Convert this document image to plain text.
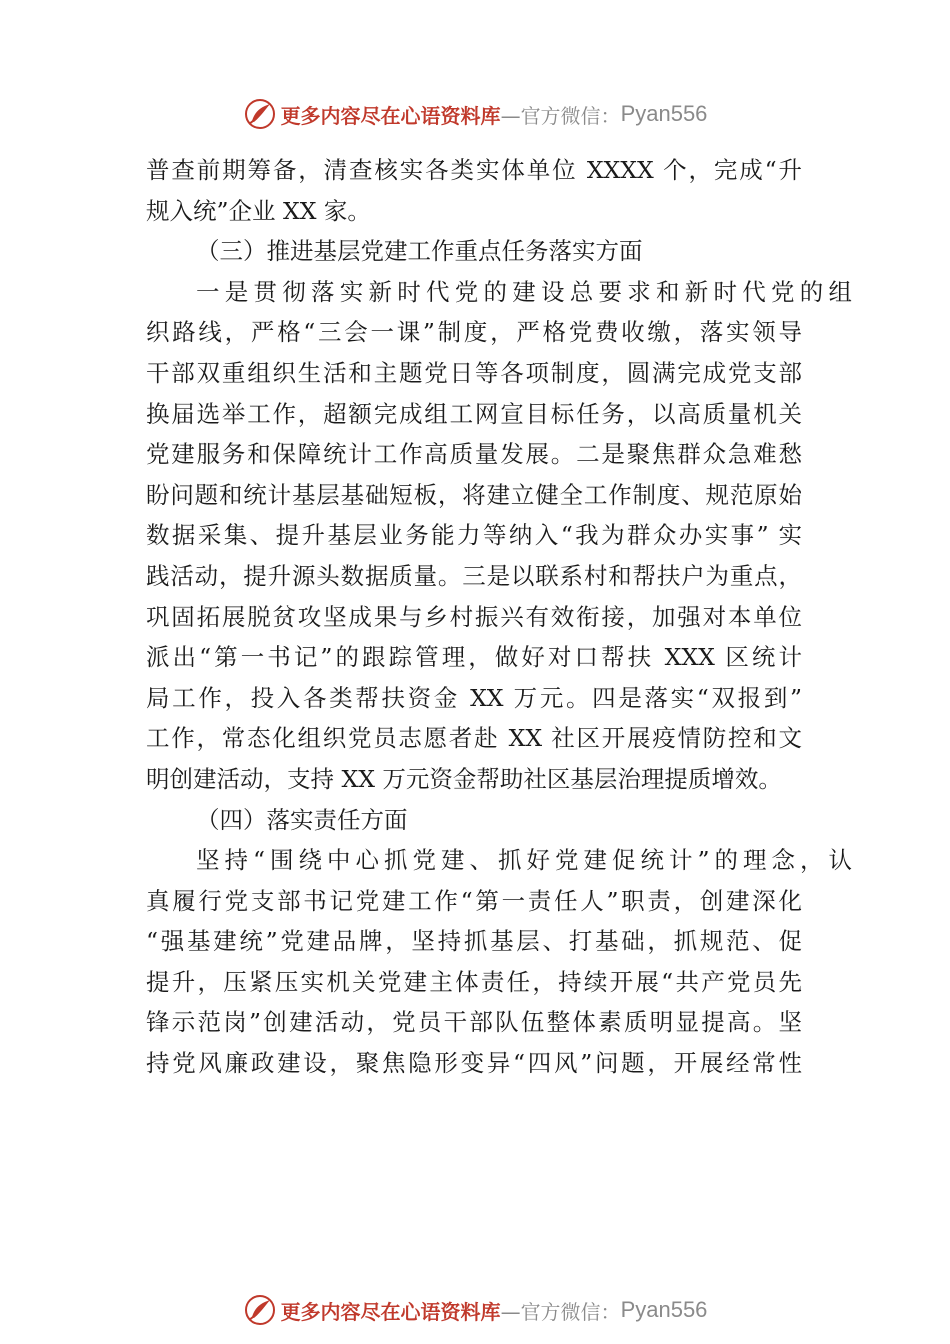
更多内容尽在心语资料库 —官方微信： Pyan556
普查前期筹备，清查核实各类实体单位 XXXX 个，完成“升
规入统”企业 XX 家。
（三）推进基层党建工作重点任务落实方面
一是贯彻落实新时代党的建设总要求和新时代党的组
织路线，严格“三会一课”制度，严格党费收缴，落实领导
干部双重组织生活和主题党日等各项制度，圆满完成党支部
换届选举工作，超额完成组工网宣目标任务，以高质量机关
党建服务和保障统计工作高质量发展。二是聚焦群众急难愁
盼问题和统计基层基础短板，将建立健全工作制度、规范原始
数据采集、提升基层业务能力等纳入“我为群众办实事” 实
践活动，提升源头数据质量。三是以联系村和帮扶户为重点，
巩固拓展脱贫攻坚成果与乡村振兴有效衔接，加强对本单位
派出“第一书记”的跟踪管理，做好对口帮扶 XXX 区统计
局工作，投入各类帮扶资金 XX 万元。四是落实“双报到”
工作，常态化组织党员志愿者赴 XX 社区开展疫情防控和文
明创建活动，支持 XX 万元资金帮助社区基层治理提质增效。
（四）落实责任方面
坚持“围绕中心抓党建、抓好党建促统计”的理念，认
真履行党支部书记党建工作“第一责任人”职责，创建深化
“强基建统”党建品牌，坚持抓基层、打基础，抓规范、促
提升，压紧压实机关党建主体责任，持续开展“共产党员先
锋示范岗”创建活动，党员干部队伍整体素质明显提高。坚
持党风廉政建设，聚焦隐形变异“四风”问题，开展经常性
更多内容尽在心语资料库 —官方微信： Pyan556
